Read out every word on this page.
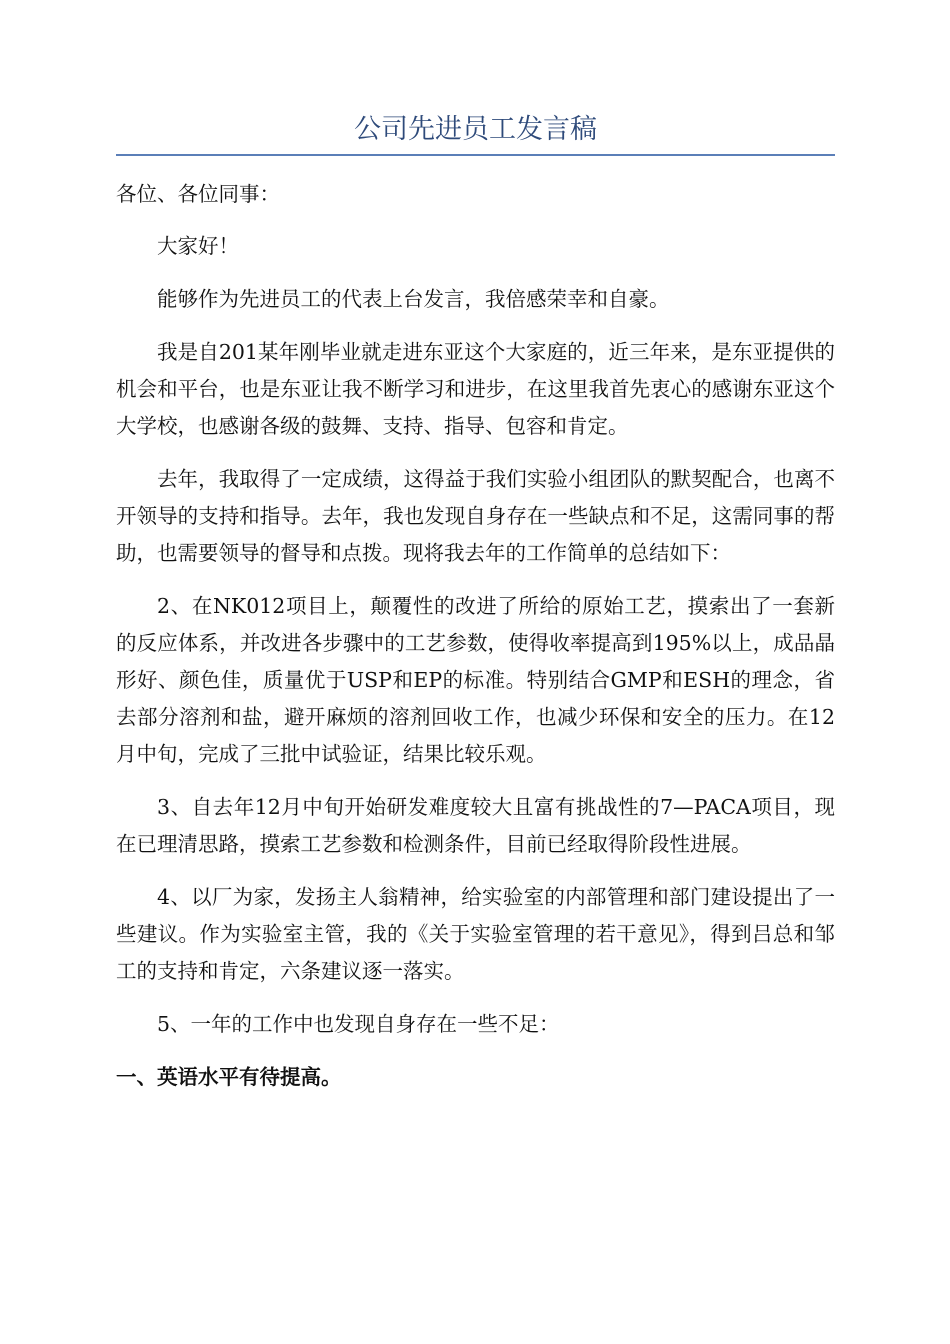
公司先进员工发言稿

各位、各位同事：

大家好！

能够作为先进员工的代表上台发言，我倍感荣幸和自豪。

我是自201某年刚毕业就走进东亚这个大家庭的，近三年来，是东亚提供的机会和平台，也是东亚让我不断学习和进步，在这里我首先衷心的感谢东亚这个大学校，也感谢各级的鼓舞、支持、指导、包容和肯定。

去年，我取得了一定成绩，这得益于我们实验小组团队的默契配合，也离不开领导的支持和指导。去年，我也发现自身存在一些缺点和不足，这需同事的帮助，也需要领导的督导和点拨。现将我去年的工作简单的总结如下：

2、在NK012项目上，颠覆性的改进了所给的原始工艺，摸索出了一套新的反应体系，并改进各步骤中的工艺参数，使得收率提高到195%以上，成品晶形好、颜色佳，质量优于USP和EP的标准。特别结合GMP和ESH的理念，省去部分溶剂和盐，避开麻烦的溶剂回收工作，也减少环保和安全的压力。在12月中旬，完成了三批中试验证，结果比较乐观。

3、自去年12月中旬开始研发难度较大且富有挑战性的7—PACA项目，现在已理清思路，摸索工艺参数和检测条件，目前已经取得阶段性进展。

4、以厂为家，发扬主人翁精神，给实验室的内部管理和部门建设提出了一些建议。作为实验室主管，我的《关于实验室管理的若干意见》，得到吕总和邹工的支持和肯定，六条建议逐一落实。

5、一年的工作中也发现自身存在一些不足：

一、英语水平有待提高。
